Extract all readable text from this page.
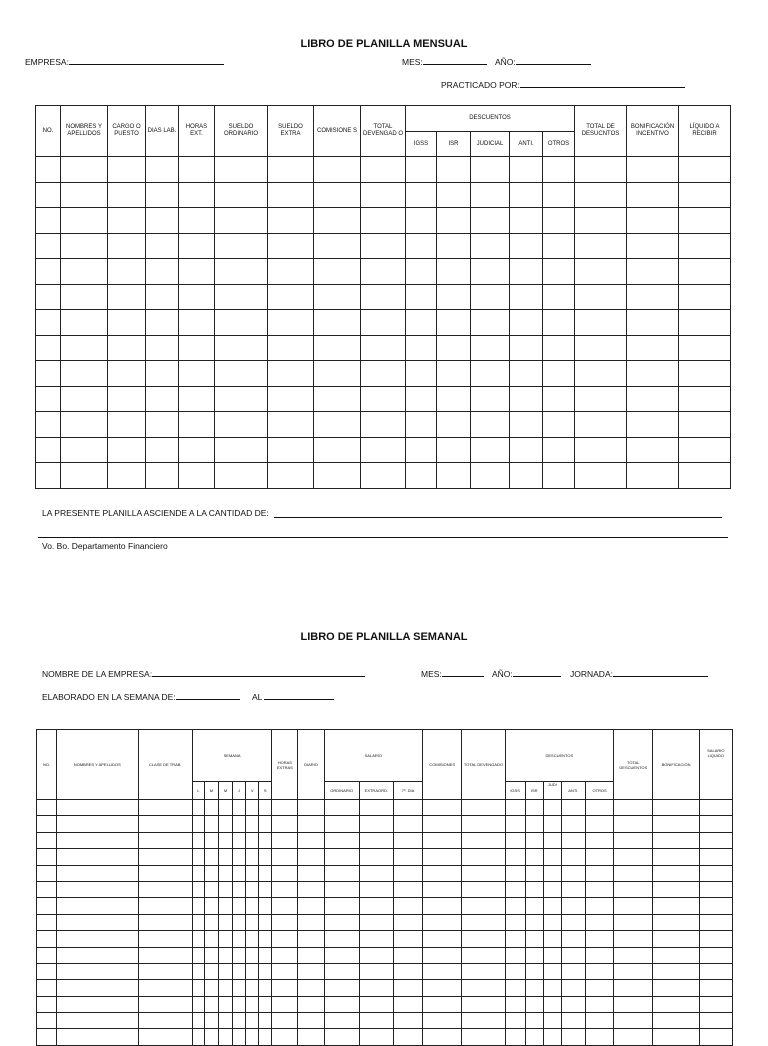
LIBRO DE PLANILLA MENSUAL
EMPRESA:	MES:	AÑO:
PRACTICADO POR:
NO.	NOMBRES Y APELLIDOS	CARGO O PUESTO	DIAS LAB.	HORAS EXT.	SUELDO ORDINARIO	SUELDO EXTRA	COMISIONE S	TOTAL DEVENGAD O	DESCUENTOS					TOTAL DE DESUCNTOS	BONIFICACIÓN INCENTIVO	LÍQUIDO A RECIBIR
									IGSS	ISR	JUDICIAL	ANTI.	OTROS			

LA PRESENTE PLANILLA ASCIENDE A LA CANTIDAD DE:
Vo. Bo. Departamento Financiero
LIBRO DE PLANILLA SEMANAL
NOMBRE DE LA EMPRESA:	MES:	AÑO:	JORNADA:
ELABORADO EN LA SEMANA DE:	AL
NO.	NOMBRES Y APELLIDOS	CLASE DE TRAB.	SEMANA						HORAS EXTRAS	DIARIO	SALARIO			COMISIONES	TOTAL DEVENGADO	DESCUENTOS					TOTAL DESCUENTOS	BONIFICACIÓN	SALARIO LIQUIDO
			L	M	M	J	V	S			ORDINARIO	EXTRAORD.	7º. DIA			IGSS	ISR	JUDI	ANTI.	OTROS			
